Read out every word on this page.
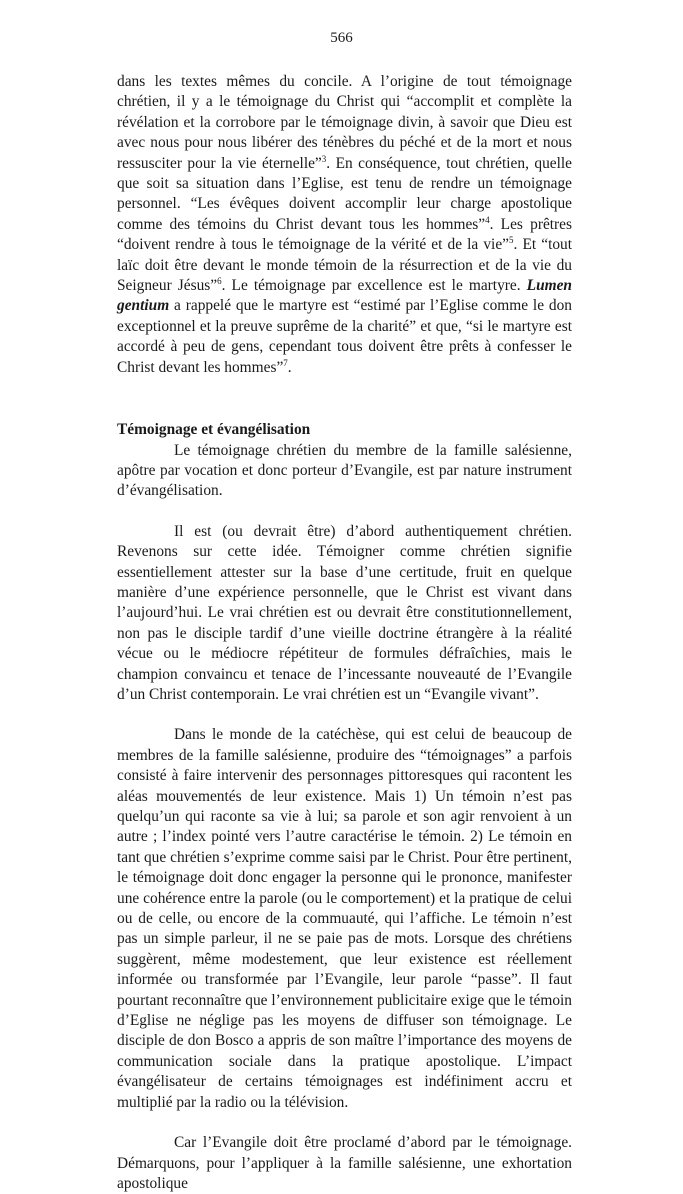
566

dans les textes mêmes du concile. A l’origine de tout témoignage chrétien, il y a le témoignage du Christ qui “accomplit et complète la révélation et la corrobore par le témoignage divin, à savoir que Dieu est avec nous pour nous libérer des ténèbres du péché et de la mort et nous ressusciter pour la vie éternelle”$^3$. En conséquence, tout chrétien, quelle que soit sa situation dans l’Eglise, est tenu de rendre un témoignage personnel. “Les évêques doivent accomplir leur charge apostolique comme des témoins du Christ devant tous les hommes”$^4$. Les prêtres “doivent rendre à tous le témoignage de la vérité et de la vie”$^5$. Et “tout laïc doit être devant le monde témoin de la résurrection et de la vie du Seigneur Jésus”$^6$. Le témoignage par excellence est le martyre. Lumen gentium a rappelé que le martyre est “estimé par l’Eglise comme le don exceptionnel et la preuve suprême de la charité” et que, “si le martyre est accordé à peu de gens, cependant tous doivent être prêts à confesser le Christ devant les hommes”$^7$.

Témoignage et évangélisation

Le témoignage chrétien du membre de la famille salésienne, apôtre par vocation et donc porteur d’Evangile, est par nature instrument d’évangélisation.

Il est (ou devrait être) d’abord authentiquement chrétien. Revenons sur cette idée. Témoigner comme chrétien signifie essentiellement attester sur la base d’une certitude, fruit en quelque manière d’une expérience personnelle, que le Christ est vivant dans l’aujourd’hui. Le vrai chrétien est ou devrait être constitutionnellement, non pas le disciple tardif d’une vieille doctrine étrangère à la réalité vécue ou le médiocre répétiteur de formules défraîchies, mais le champion convaincu et tenace de l’incessante nouveauté de l’Evangile d’un Christ contemporain. Le vrai chrétien est un “Evangile vivant”.

Dans le monde de la catéchèse, qui est celui de beaucoup de membres de la famille salésienne, produire des “témoignages” a parfois consisté à faire intervenir des personnages pittoresques qui racontent les aléas mouvementés de leur existence. Mais 1) Un témoin n’est pas quelqu’un qui raconte sa vie à lui; sa parole et son agir renvoient à un autre ; l’index pointé vers l’autre caractérise le témoin. 2) Le témoin en tant que chrétien s’exprime comme saisi par le Christ. Pour être pertinent, le témoignage doit donc engager la personne qui le prononce, manifester une cohérence entre la parole (ou le comportement) et la pratique de celui ou de celle, ou encore de la commuauté, qui l’affiche. Le témoin n’est pas un simple parleur, il ne se paie pas de mots. Lorsque des chrétiens suggèrent, même modestement, que leur existence est réellement informée ou transformée par l’Evangile, leur parole “passe”. Il faut pourtant reconnaître que l’environnement publicitaire exige que le témoin d’Eglise ne néglige pas les moyens de diffuser son témoignage. Le disciple de don Bosco a appris de son maître l’importance des moyens de communication sociale dans la pratique apostolique. L’impact évangélisateur de certains témoignages est indéfiniment accru et multiplié par la radio ou la télévision.

Car l’Evangile doit être proclamé d’abord par le témoignage. Démarquons, pour l’appliquer à la famille salésienne, une exhortation apostolique
